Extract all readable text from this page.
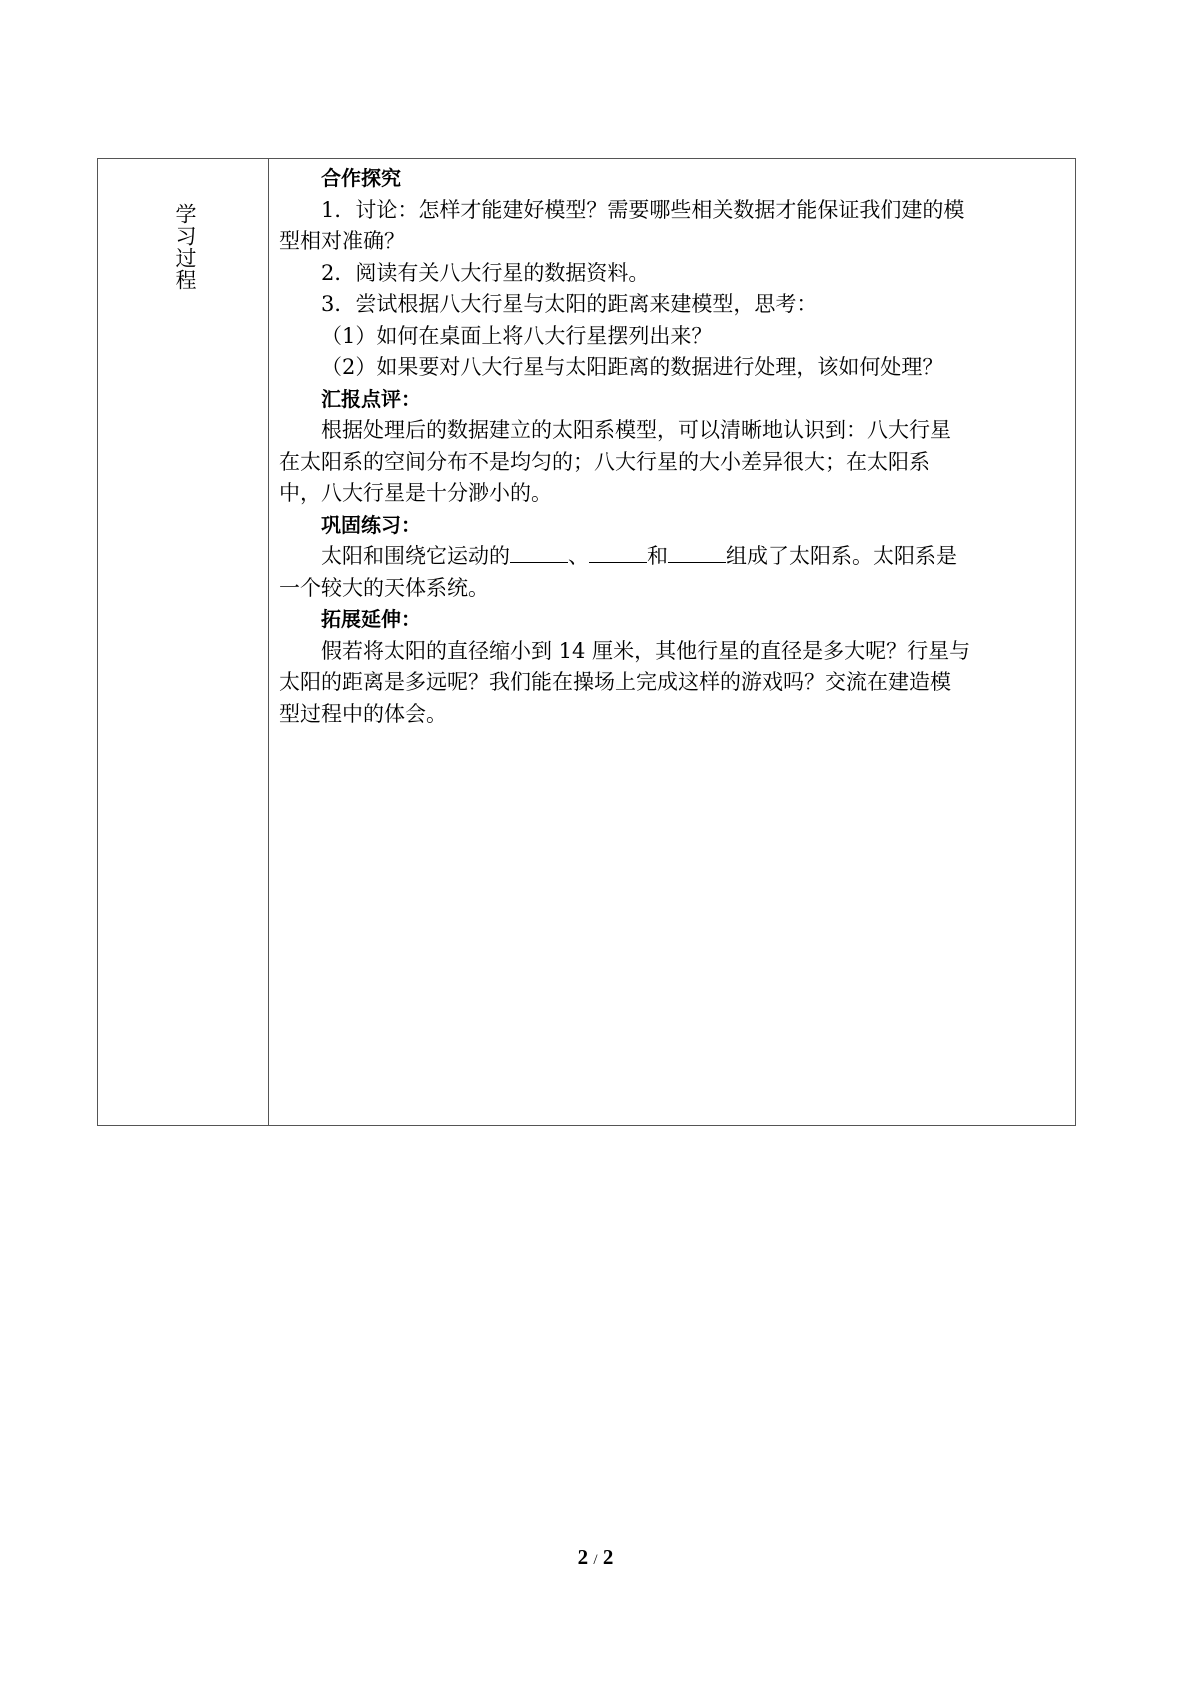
学习过程

合作探究

1．讨论：怎样才能建好模型？需要哪些相关数据才能保证我们建的模

型相对准确？

2．阅读有关八大行星的数据资料。

3．尝试根据八大行星与太阳的距离来建模型，思考：

（1）如何在桌面上将八大行星摆列出来？

（2）如果要对八大行星与太阳距离的数据进行处理，该如何处理？

汇报点评：

根据处理后的数据建立的太阳系模型，可以清晰地认识到：八大行星

在太阳系的空间分布不是均匀的；八大行星的大小差异很大；在太阳系

中，八大行星是十分渺小的。

巩固练习：

太阳和围绕它运动的	、	和	组成了太阳系。太阳系是

一个较大的天体系统。

拓展延伸：

假若将太阳的直径缩小到 14 厘米，其他行星的直径是多大呢？行星与

太阳的距离是多远呢？我们能在操场上完成这样的游戏吗？交流在建造模

型过程中的体会。

2 / 2
